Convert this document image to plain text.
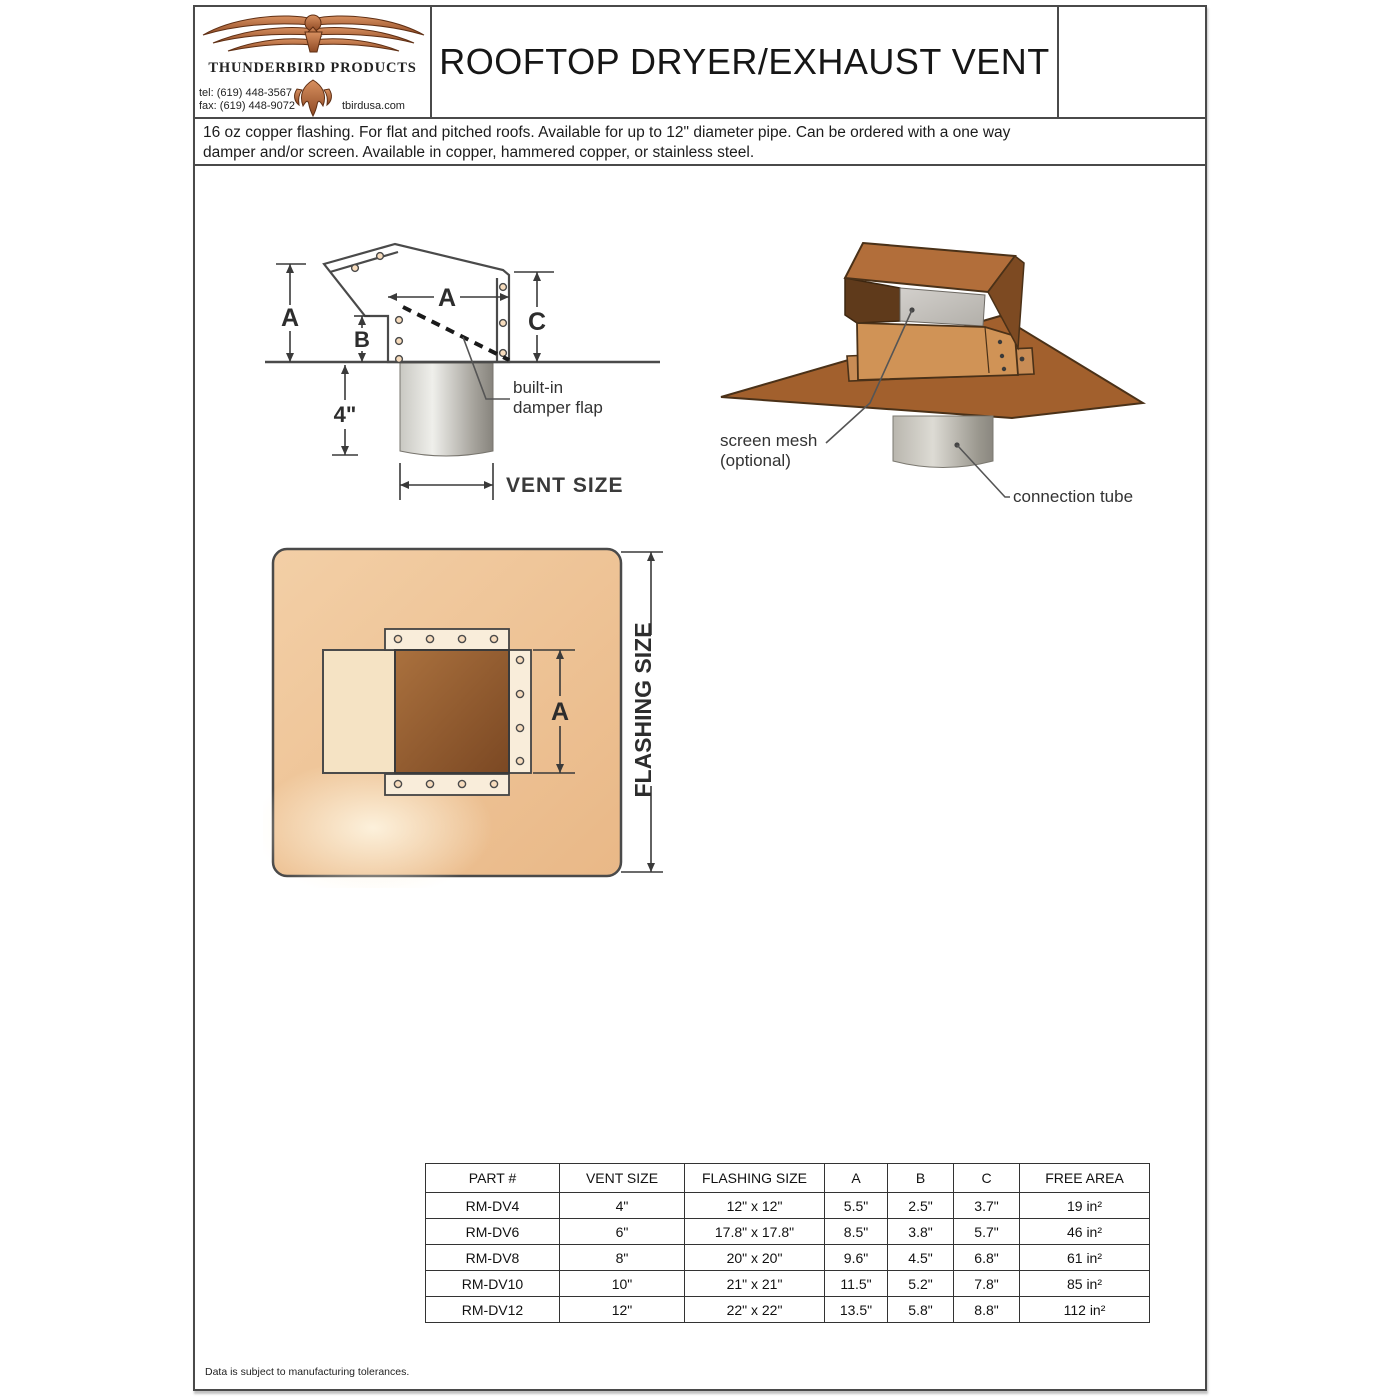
THUNDERBIRD PRODUCTS
tel: (619) 448-3567
fax: (619) 448-9072	tbirdusa.com
ROOFTOP DRYER/EXHAUST VENT
16 oz copper flashing. For flat and pitched roofs. Available for up to 12" diameter pipe. Can be ordered with a one way
damper and/or screen. Available in copper, hammered copper, or stainless steel.
A
B
A
C
4"
VENT SIZE
built-in
damper flap
screen mesh
(optional)
connection tube
A	FLASHING SIZE
PART #	VENT SIZE	FLASHING SIZE	A	B	C	FREE AREA
RM-DV4	4"	12" x 12"	5.5"	2.5"	3.7"	19 in²
RM-DV6	6"	17.8" x 17.8"	8.5"	3.8"	5.7"	46 in²
RM-DV8	8"	20" x 20"	9.6"	4.5"	6.8"	61 in²
RM-DV10	10"	21" x 21"	11.5"	5.2"	7.8"	85 in²
RM-DV12	12"	22" x 22"	13.5"	5.8"	8.8"	112 in²
Data is subject to manufacturing tolerances.
